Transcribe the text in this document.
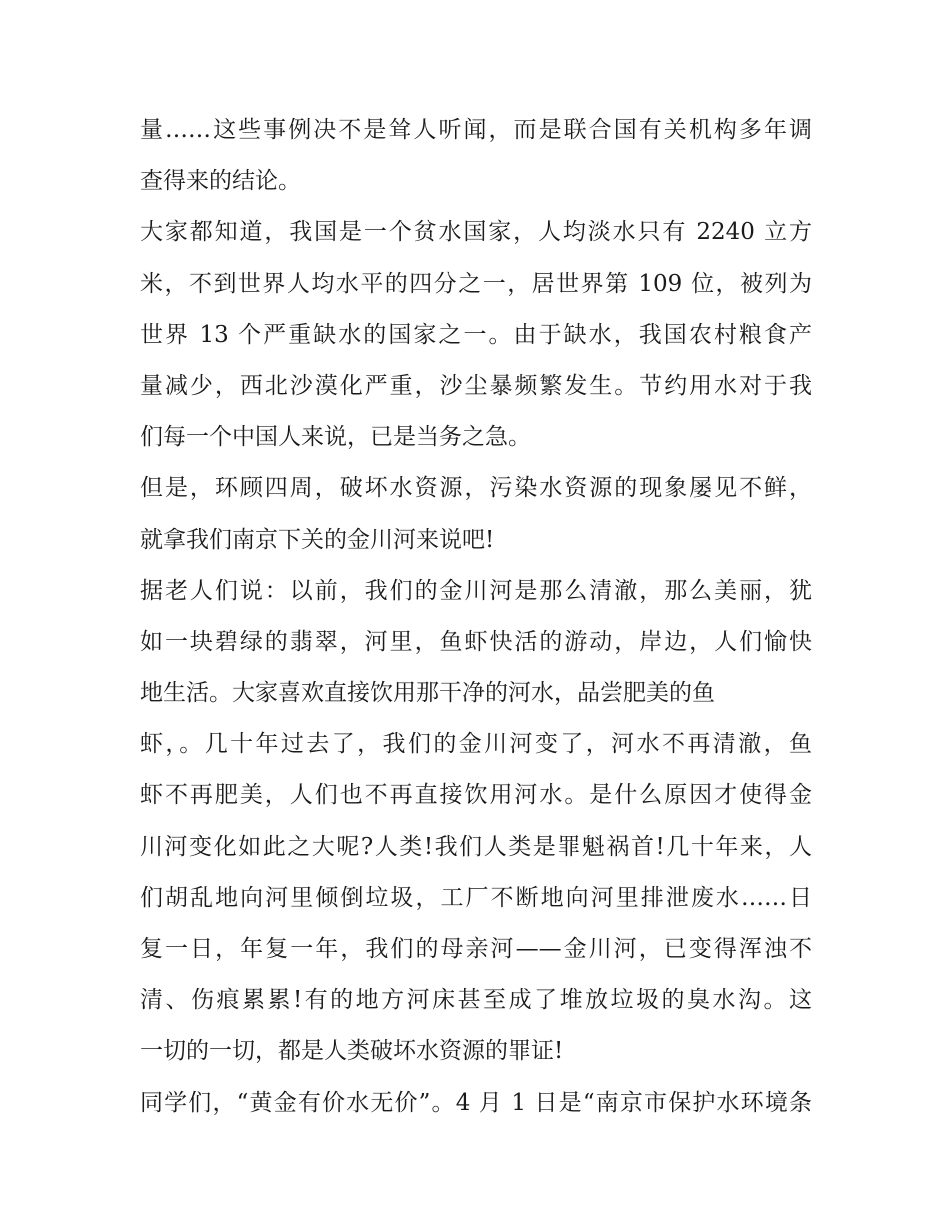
量……这些事例决不是耸人听闻，而是联合国有关机构多年调
查得来的结论。
大家都知道，我国是一个贫水国家，人均淡水只有 2240 立方
米，不到世界人均水平的四分之一，居世界第 109 位，被列为
世界 13 个严重缺水的国家之一。由于缺水，我国农村粮食产
量减少，西北沙漠化严重，沙尘暴频繁发生。节约用水对于我
们每一个中国人来说，已是当务之急。
但是，环顾四周，破坏水资源，污染水资源的现象屡见不鲜，
就拿我们南京下关的金川河来说吧!
据老人们说：以前，我们的金川河是那么清澈，那么美丽，犹
如一块碧绿的翡翠，河里，鱼虾快活的游动，岸边，人们愉快
地生活。大家喜欢直接饮用那干净的河水，品尝肥美的鱼
虾，。几十年过去了，我们的金川河变了，河水不再清澈，鱼
虾不再肥美，人们也不再直接饮用河水。是什么原因才使得金
川河变化如此之大呢?人类!我们人类是罪魁祸首!几十年来，人
们胡乱地向河里倾倒垃圾，工厂不断地向河里排泄废水……日
复一日，年复一年，我们的母亲河——金川河，已变得浑浊不
清、伤痕累累!有的地方河床甚至成了堆放垃圾的臭水沟。这
一切的一切，都是人类破坏水资源的罪证!
同学们，“黄金有价水无价”。4 月 1 日是“南京市保护水环境条
